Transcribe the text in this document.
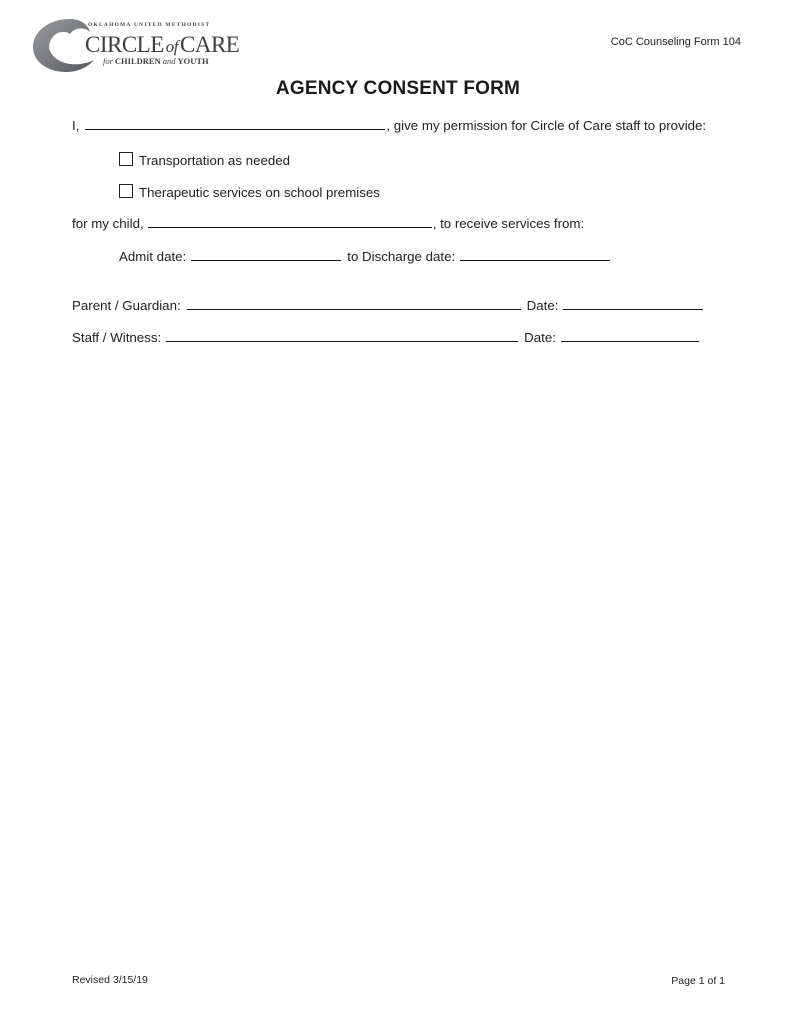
OKLAHOMA UNITED METHODIST
CIRCLE ofCARE
for CHILDREN and YOUTH
CoC Counseling Form 104
AGENCY CONSENT FORM
I,	, give my permission for Circle of Care staff to provide:
Transportation as needed
Therapeutic services on school premises
for my child,	, to receive services from:
Admit date:	to Discharge date:
Parent / Guardian:	Date:
Staff / Witness:	Date:
Revised 3/15/19	Page 1 of 1
